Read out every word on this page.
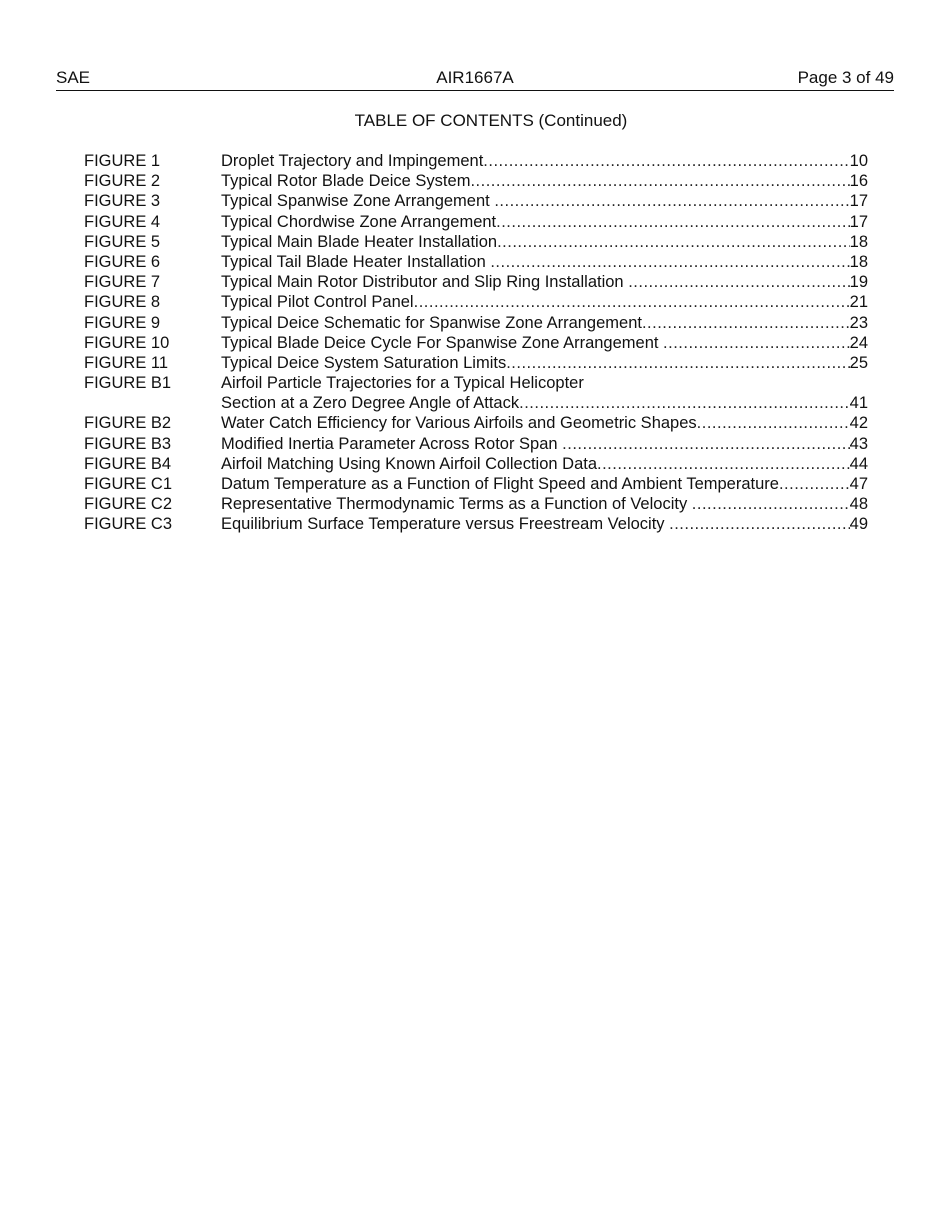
SAE	AIR1667A	Page 3 of 49
TABLE OF CONTENTS (Continued)
FIGURE 1	Droplet Trajectory and Impingement .....	10
FIGURE 2	Typical Rotor Blade Deice System .....	16
FIGURE 3	Typical Spanwise Zone Arrangement .....	17
FIGURE 4	Typical Chordwise Zone Arrangement .....	17
FIGURE 5	Typical Main Blade Heater Installation .....	18
FIGURE 6	Typical Tail Blade Heater Installation .....	18
FIGURE 7	Typical Main Rotor Distributor and Slip Ring Installation .....	19
FIGURE 8	Typical Pilot Control Panel .....	21
FIGURE 9	Typical Deice Schematic for Spanwise Zone Arrangement .....	23
FIGURE 10	Typical Blade Deice Cycle For Spanwise Zone Arrangement .....	24
FIGURE 11	Typical Deice System Saturation Limits .....	25
FIGURE B1	Airfoil Particle Trajectories for a Typical Helicopter
Section at a Zero Degree Angle of Attack .....	41
FIGURE B2	Water Catch Efficiency for Various Airfoils and Geometric Shapes .....	42
FIGURE B3	Modified Inertia Parameter Across Rotor Span .....	43
FIGURE B4	Airfoil Matching Using Known Airfoil Collection Data .....	44
FIGURE C1	Datum Temperature as a Function of Flight Speed and Ambient Temperature .....	47
FIGURE C2	Representative Thermodynamic Terms as a Function of Velocity .....	48
FIGURE C3	Equilibrium Surface Temperature versus Freestream Velocity .....	49
